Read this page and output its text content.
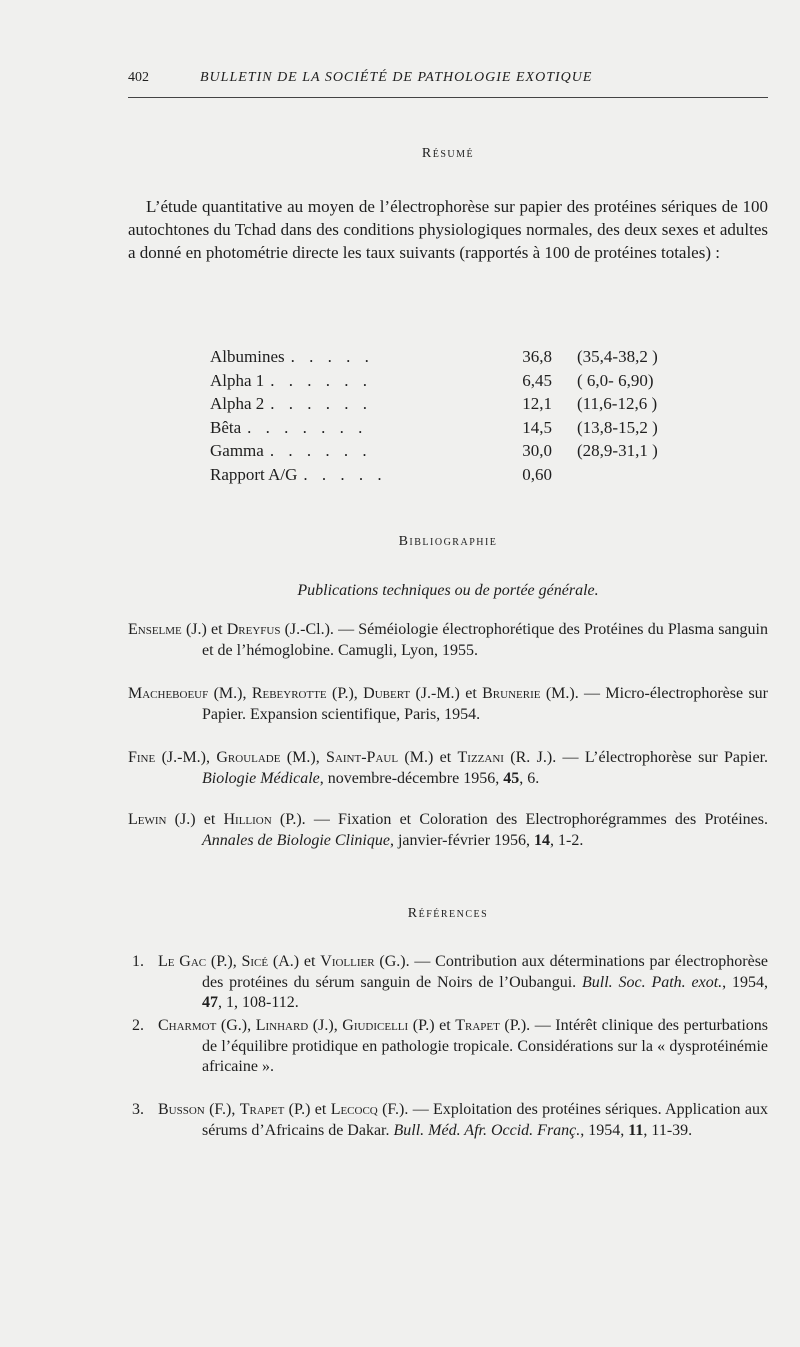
402	BULLETIN DE LA SOCIÉTÉ DE PATHOLOGIE EXOTIQUE
Résumé
L’étude quantitative au moyen de l’électrophorèse sur papier des protéines sériques de 100 autochtones du Tchad dans des conditions physiologiques normales, des deux sexes et adultes a donné en photométrie directe les taux suivants (rapportés à 100 de protéines totales) :
Albumines . . . . .	36,8 (35,4-38,2 )
Alpha 1 . . . . . .	6,45 ( 6,0- 6,90)
Alpha 2 . . . . . .	12,1 (11,6-12,6 )
Bêta . . . . . . .	14,5 (13,8-15,2 )
Gamma . . . . . .	30,0 (28,9-31,1 )
Rapport A/G . . . . .	0,60
Bibliographie
Publications techniques ou de portée générale.
Enselme (J.) et Dreyfus (J.-Cl.). — Séméiologie électrophorétique des Protéines du Plasma sanguin et de l’hémoglobine. Camugli, Lyon, 1955.
Macheboeuf (M.), Rebeyrotte (P.), Dubert (J.-M.) et Brunerie (M.). — Micro-électrophorèse sur Papier. Expansion scientifique, Paris, 1954.
Fine (J.-M.), Groulade (M.), Saint-Paul (M.) et Tizzani (R. J.). — L’électrophorèse sur Papier. Biologie Médicale, novembre-décembre 1956, 45, 6.
Lewin (J.) et Hillion (P.). — Fixation et Coloration des Electrophorégrammes des Protéines. Annales de Biologie Clinique, janvier-février 1956, 14, 1-2.
Références
1. Le Gac (P.), Sicé (A.) et Viollier (G.). — Contribution aux déterminations par électrophorèse des protéines du sérum sanguin de Noirs de l’Oubangui. Bull. Soc. Path. exot., 1954, 47, 1, 108-112.
2. Charmot (G.), Linhard (J.), Giudicelli (P.) et Trapet (P.). — Intérêt clinique des perturbations de l’équilibre protidique en pathologie tropicale. Considérations sur la « dysprotéinémie africaine ».
3. Busson (F.), Trapet (P.) et Lecocq (F.). — Exploitation des protéines sériques. Application aux sérums d’Africains de Dakar. Bull. Méd. Afr. Occid. Franç., 1954, 11, 11-39.
